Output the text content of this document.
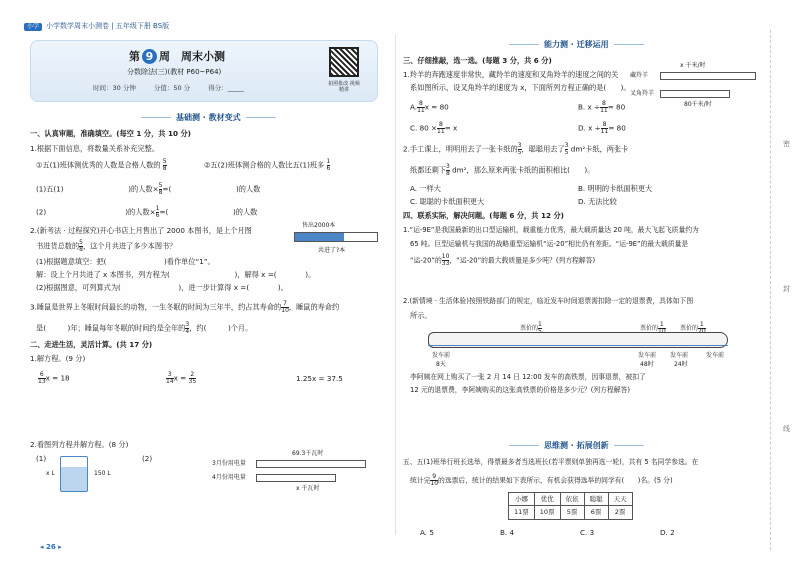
小学 小学数学周末小测卷 | 五年级下册 BS版
第 9 周　周末小测
分数除法(三)(教材 P60~P64)
时间：30 分钟	分值：50 分	得分：_____	拍照批改 视频精讲
基础测 · 教材变式
一、认真审题，准确填空。(每空 1 分，共 10 分)
1.根据下面信息，将数量关系补充完整。
①五(1)班体测优秀的人数是合格人数的 $\frac{5}{8}$	②五(2)班体测合格的人数比五(1)班多 $\frac{1}{6}$
(1)五(1)　　　　　　　　　)的人数× $\frac{5}{8}$ =(　　　　　　　　　)的人数
(2)　　　　　　　　　　　)的人数× $\frac{1}{6}$ =(　　　　　　　　　)的人数
2.(新考法 · 过程探究)开心书店上月售出了 2000 本图书，是上个月图
书进货总数的 $\frac{5}{8}$ ，这个月共进了多少本图书？
售出2000本
共进了?本
(1)根据题意填空：把(　　　　　　　　)看作单位“1”。
解：设上个月共进了 x 本图书，列方程为(　　　　　　　　　)，解得 x =(　　　　)。
(2)根据图意，可列算式为(　　　　　　　　)，进一步计算得 x =(　　　　)。
3.睡鼠是世界上冬眠时间最长的动物，一生冬眠的时间为三年半，约占其寿命的 $\frac{7}{10}$ ，睡鼠的寿命约
是(　　　)年；睡鼠每年冬眠的时间约是全年的 $\frac{3}{4}$ ，约(　　　)个月。
二、走进生活，灵活计算。(共 17 分)
1.解方程。(9 分)
$\frac{6}{13}$ x = 18	$\frac{3}{14}$ $x = \frac{2}{35}$	1.25x = 37.5
2.看图列方程并解方程。(8 分)
(1)
x L	150 L
(2)
69.3千瓦时
3月份用电量
4月份用电量
x 千瓦时
◂ 26 ▸
三、仔细推敲，选一选。(每题 3 分，共 6 分)
能力测 · 迁移运用
1.羚羊的奔跑速度非常快，藏羚羊的速度和叉角羚羊的速度之间的关
系如图所示，设叉角羚羊的速度为 x，下面所列方程正确的是(　　)。
x 千米/时
藏羚羊
叉角羚羊
80千米/时
A. $\frac{8}{11}$ x = 80	B. $x \div \frac{8}{11} = 80$
C. $80 \times \frac{8}{11} = x$	D. $x \div \frac{8}{11} = 80$
2.手工课上，明明用去了一张卡纸的 $\frac{3}{5}$ ，聪聪用去了 $\frac{3}{5} dm^2$卡纸，两张卡
纸都还剩下 $\frac{3}{8} dm^2$，那么原来两张卡纸的面积相比(　　)。
A. 一样大	B. 明明的卡纸面积更大
C. 聪聪的卡纸面积更大	D. 无法比较
四、联系实际，解决问题。(每题 6 分，共 12 分)
1.“运-9E”是我国最新的出口型运输机，载重能力优秀，最大载质量达 20 吨，最大飞起飞质量约为
65 吨。巨型运输机与我国的战略重型运输机“运-20”相比仍有差距。“运-9E”的最大载质量是
“运-20”的 $\frac{10}{33}$ ，“运-20”的最大载质量是多少吨？(列方程解答)
2.(新情境 · 生活体验)按照铁路部门的规定，临近发车时间退票需扣除一定的退票费，具体如下图
所示。
票价的
1
票价的
1
票价的
1
发车前
8天
发车前
48时
发车前
24时
发车前
李阿姨在网上购买了一张 2 月 14 日 12:00 发车的高铁票，因事退票，被扣了
12 元的退票费，李阿姨购买的这张高铁票的价格是多少元？(列方程解答)
思维测 · 拓展创新
五、五(1)班举行班长选举，得票最多者当选班长(若平票则单独再选一轮)，共有 5 名同学参选。在
统计完 $\frac{9}{10}$ 的选票后，统计的结果如下表所示，有机会获得选举的同学有(　　)名。(5 分)
小娜	优优	依依	聪聪	天天
11票	10票	5票	6票	2票
A. 5	B. 4	C. 3	D. 2
密
封
线
